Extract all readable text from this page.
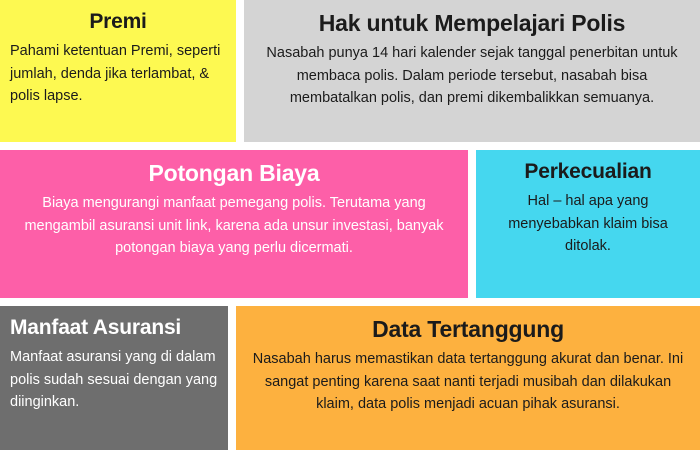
Premi

Pahami ketentuan Premi, seperti jumlah, denda jika terlambat, & polis lapse.

Hak untuk Mempelajari Polis

Nasabah punya 14 hari kalender sejak tanggal penerbitan untuk membaca polis. Dalam periode tersebut, nasabah bisa membatalkan polis, dan premi dikembalikkan semuanya.

Potongan Biaya

Biaya mengurangi manfaat pemegang polis. Terutama yang mengambil asuransi unit link, karena ada unsur investasi, banyak potongan biaya yang perlu dicermati.

Perkecualian

Hal – hal apa yang menyebabkan klaim bisa ditolak.

Manfaat Asuransi

Manfaat asuransi yang di dalam polis sudah sesuai dengan yang diinginkan.

Data Tertanggung

Nasabah harus memastikan data tertanggung akurat dan benar. Ini sangat penting karena saat nanti terjadi musibah dan dilakukan klaim, data polis menjadi acuan pihak asuransi.
